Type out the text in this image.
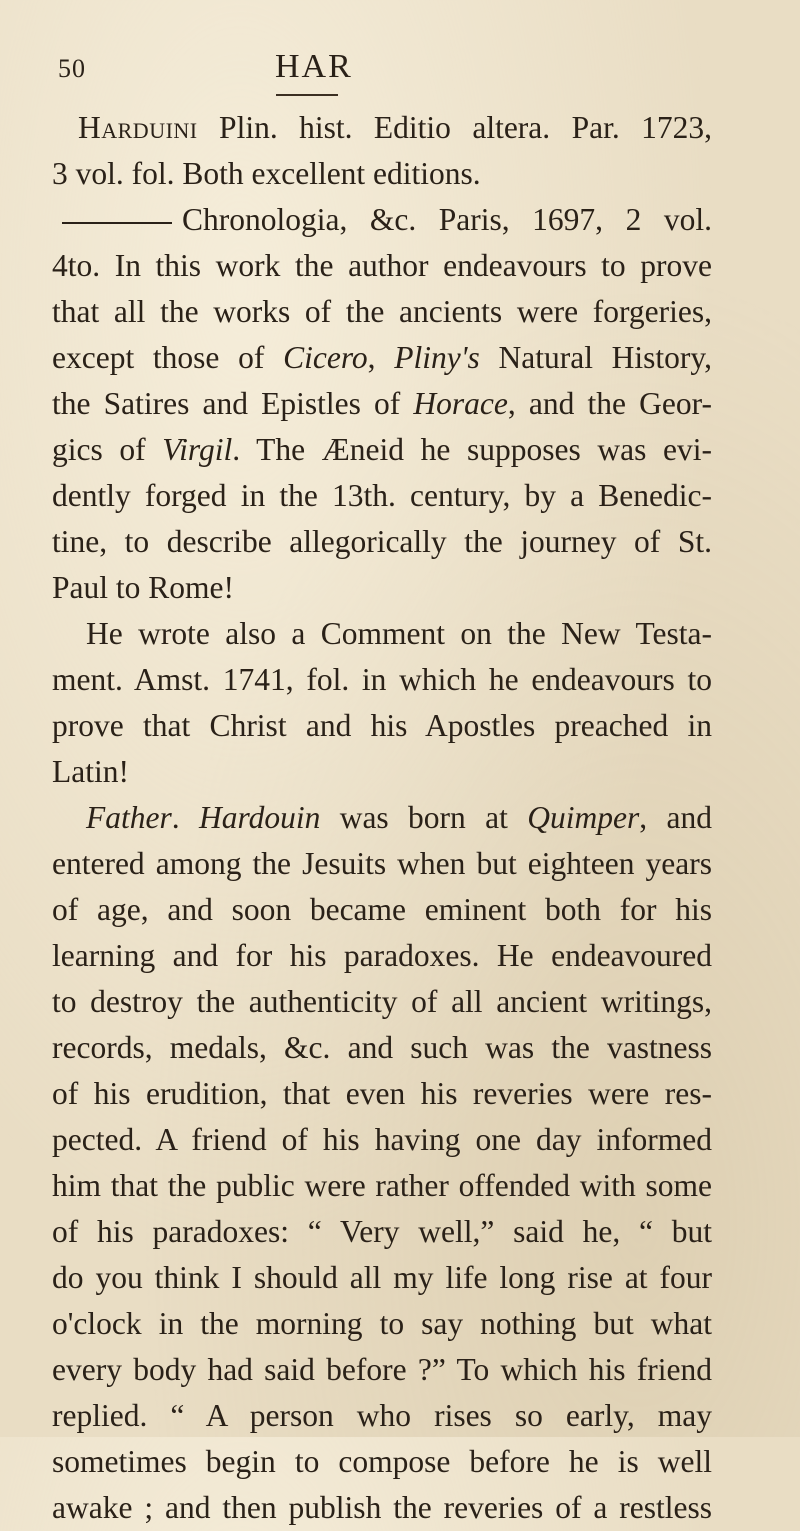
50	HAR
Harduini Plin. hist. Editio altera. Par. 1723,
3 vol. fol. Both excellent editions.
Chronologia, &c. Paris, 1697, 2 vol.
4to. In this work the author endeavours to prove
that all the works of the ancients were forgeries,
except those of Cicero, Pliny's Natural History,
the Satires and Epistles of Horace, and the Geor-
gics of Virgil. The Æneid he supposes was evi-
dently forged in the 13th. century, by a Benedic-
tine, to describe allegorically the journey of St.
Paul to Rome!
He wrote also a Comment on the New Testa-
ment. Amst. 1741, fol. in which he endeavours to
prove that Christ and his Apostles preached in
Latin!
Father. Hardouin was born at Quimper, and
entered among the Jesuits when but eighteen years
of age, and soon became eminent both for his
learning and for his paradoxes. He endeavoured
to destroy the authenticity of all ancient writings,
records, medals, &c. and such was the vastness
of his erudition, that even his reveries were res-
pected. A friend of his having one day informed
him that the public were rather offended with some
of his paradoxes: “ Very well,” said he, “ but
do you think I should all my life long rise at four
o'clock in the morning to say nothing but what
every body had said before ?” To which his friend
replied. “ A person who rises so early, may
sometimes begin to compose before he is well
awake ; and then publish the reveries of a restless
